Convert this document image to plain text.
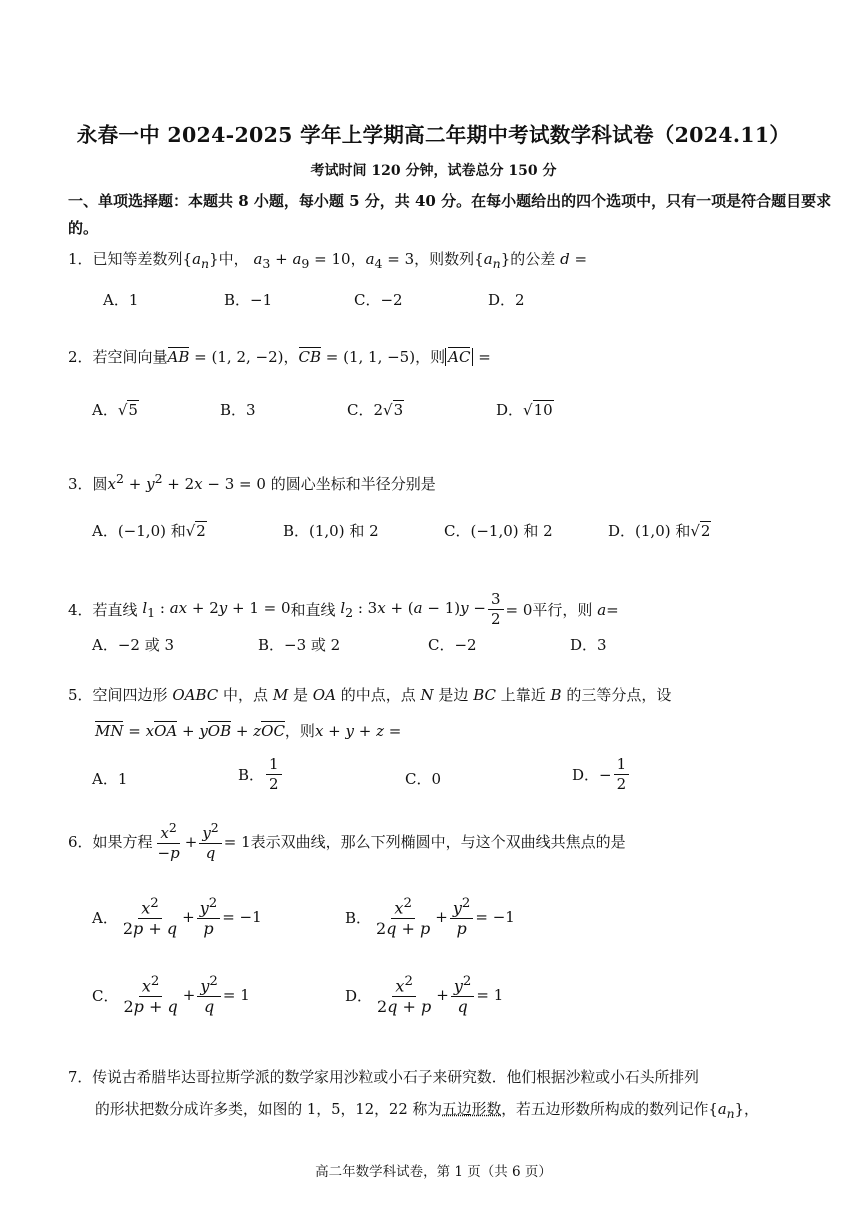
永春一中 2024-2025 学年上学期高二年期中考试数学科试卷（2024.11）
考试时间 120 分钟，试卷总分 150 分
一、单项选择题：本题共 8 小题，每小题 5 分，共 40 分。在每小题给出的四个选项中，只有一项是符合题目要求的。
1．已知等差数列$\{a_n\}$中， $a_3 + a_9 = 10$，$a_4 = 3$，则数列$\{a_n\}$的公差 d =
A．1	B．−1	C．−2	D．2
2．若空间向量AB = (1, 2, −2)，CB = (1, 1, −5)，则 AC =
A．√5	B．3	C．2√3	D．√10
3．圆$x^2 + y^2 + 2x - 3 = 0$ 的圆心坐标和半径分别是
A．(−1,0) 和√2	B．(1,0) 和 2	C．(−1,0) 和 2	D．(1,0) 和√2
4．若直线 $l_1$ : ax + 2y + 1 = 0 和直线 $l_2$ : $3x + (a - 1)y - \frac{3}{2} = 0$ 平行，则
a =
A．−2 或 3	B．−3 或 2	C．−2	D．3
5．空间四边形 OABC 中，点 M 是 OA 的中点，点 N 是边 BC 上靠近 B 的三等分点，设
MN = xOA + yOB + zOC，则x + y + z =
A．1	B． $\frac{1}{2}$	C．0	D． − $\frac{1}{2}$
6．如果方程 $\frac{x^2}{-p} + \frac{y^2}{q} = 1$ 表示双曲线，那么下列椭圆中，与这个双曲线共焦点的是
A． $\frac{x^2}{2p + q} + \frac{y^2}{p} = -1$	B． $\frac{x^2}{2q + p} + \frac{y^2}{p} = -1$
C． $\frac{x^2}{2p + q} + \frac{y^2}{q} = 1$	D． $\frac{x^2}{2q + p} + \frac{y^2}{q} = 1$
7．传说古希腊毕达哥拉斯学派的数学家用沙粒或小石子来研究数．他们根据沙粒或小石头所排列
的形状把数分成许多类，如图的 1，5，12，22 称为五边形数，若五边形数所构成的数列记作$\{a_n\}$，
高二年数学科试卷，第 1 页（共 6 页）
